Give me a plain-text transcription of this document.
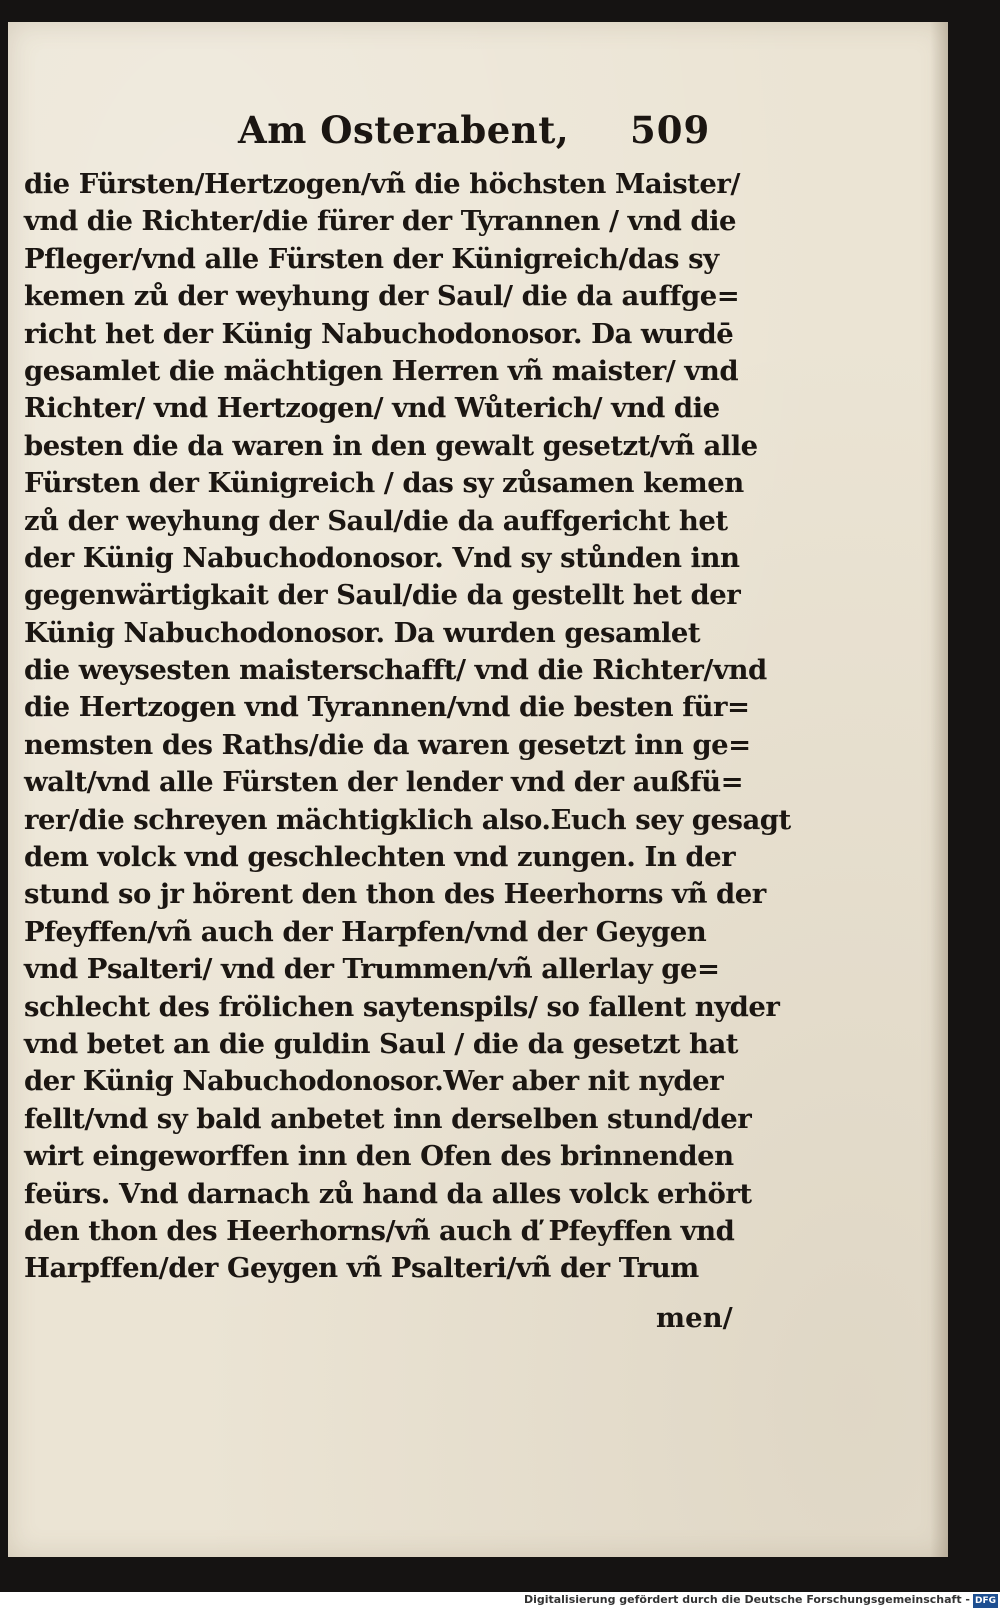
Am Osterabent, 509
die Fürsten/Hertzogen/vñ die höchsten Maister/
vnd die Richter/die fürer der Tyrannen / vnd die
Pfleger/vnd alle Fürsten der Künigreich/das sy
kemen zů der weyhung der Saul/ die da auffge=
richt het der Künig Nabuchodonosor. Da wurdē
gesamlet die mächtigen Herren vñ maister/ vnd
Richter/ vnd Hertzogen/ vnd Wůterich/ vnd die
besten die da waren in den gewalt gesetzt/vñ alle
Fürsten der Künigreich / das sy zůsamen kemen
zů der weyhung der Saul/die da auffgericht het
der Künig Nabuchodonosor. Vnd sy stůnden inn
gegenwärtigkait der Saul/die da gestellt het der
Künig Nabuchodonosor. Da wurden gesamlet
die weysesten maisterschafft/ vnd die Richter/vnd
die Hertzogen vnd Tyrannen/vnd die besten für=
nemsten des Raths/die da waren gesetzt inn ge=
walt/vnd alle Fürsten der lender vnd der außfü=
rer/die schreyen mächtigklich also.Euch sey gesagt
dem volck vnd geschlechten vnd zungen. In der
stund so jr hörent den thon des Heerhorns vñ der
Pfeyffen/vñ auch der Harpfen/vnd der Geygen
vnd Psalteri/ vnd der Trummen/vñ allerlay ge=
schlecht des frölichen saytenspils/ so fallent nyder
vnd betet an die guldin Saul / die da gesetzt hat
der Künig Nabuchodonosor.Wer aber nit nyder
fellt/vnd sy bald anbetet inn derselben stund/der
wirt eingeworffen inn den Ofen des brinnenden
feürs. Vnd darnach zů hand da alles volck erhört
den thon des Heerhorns/vñ auch ď Pfeyffen vnd
Harpffen/der Geygen vñ Psalteri/vñ der Trum
men/
Digitalisierung gefördert durch die Deutsche Forschungsgemeinschaft - DFG
